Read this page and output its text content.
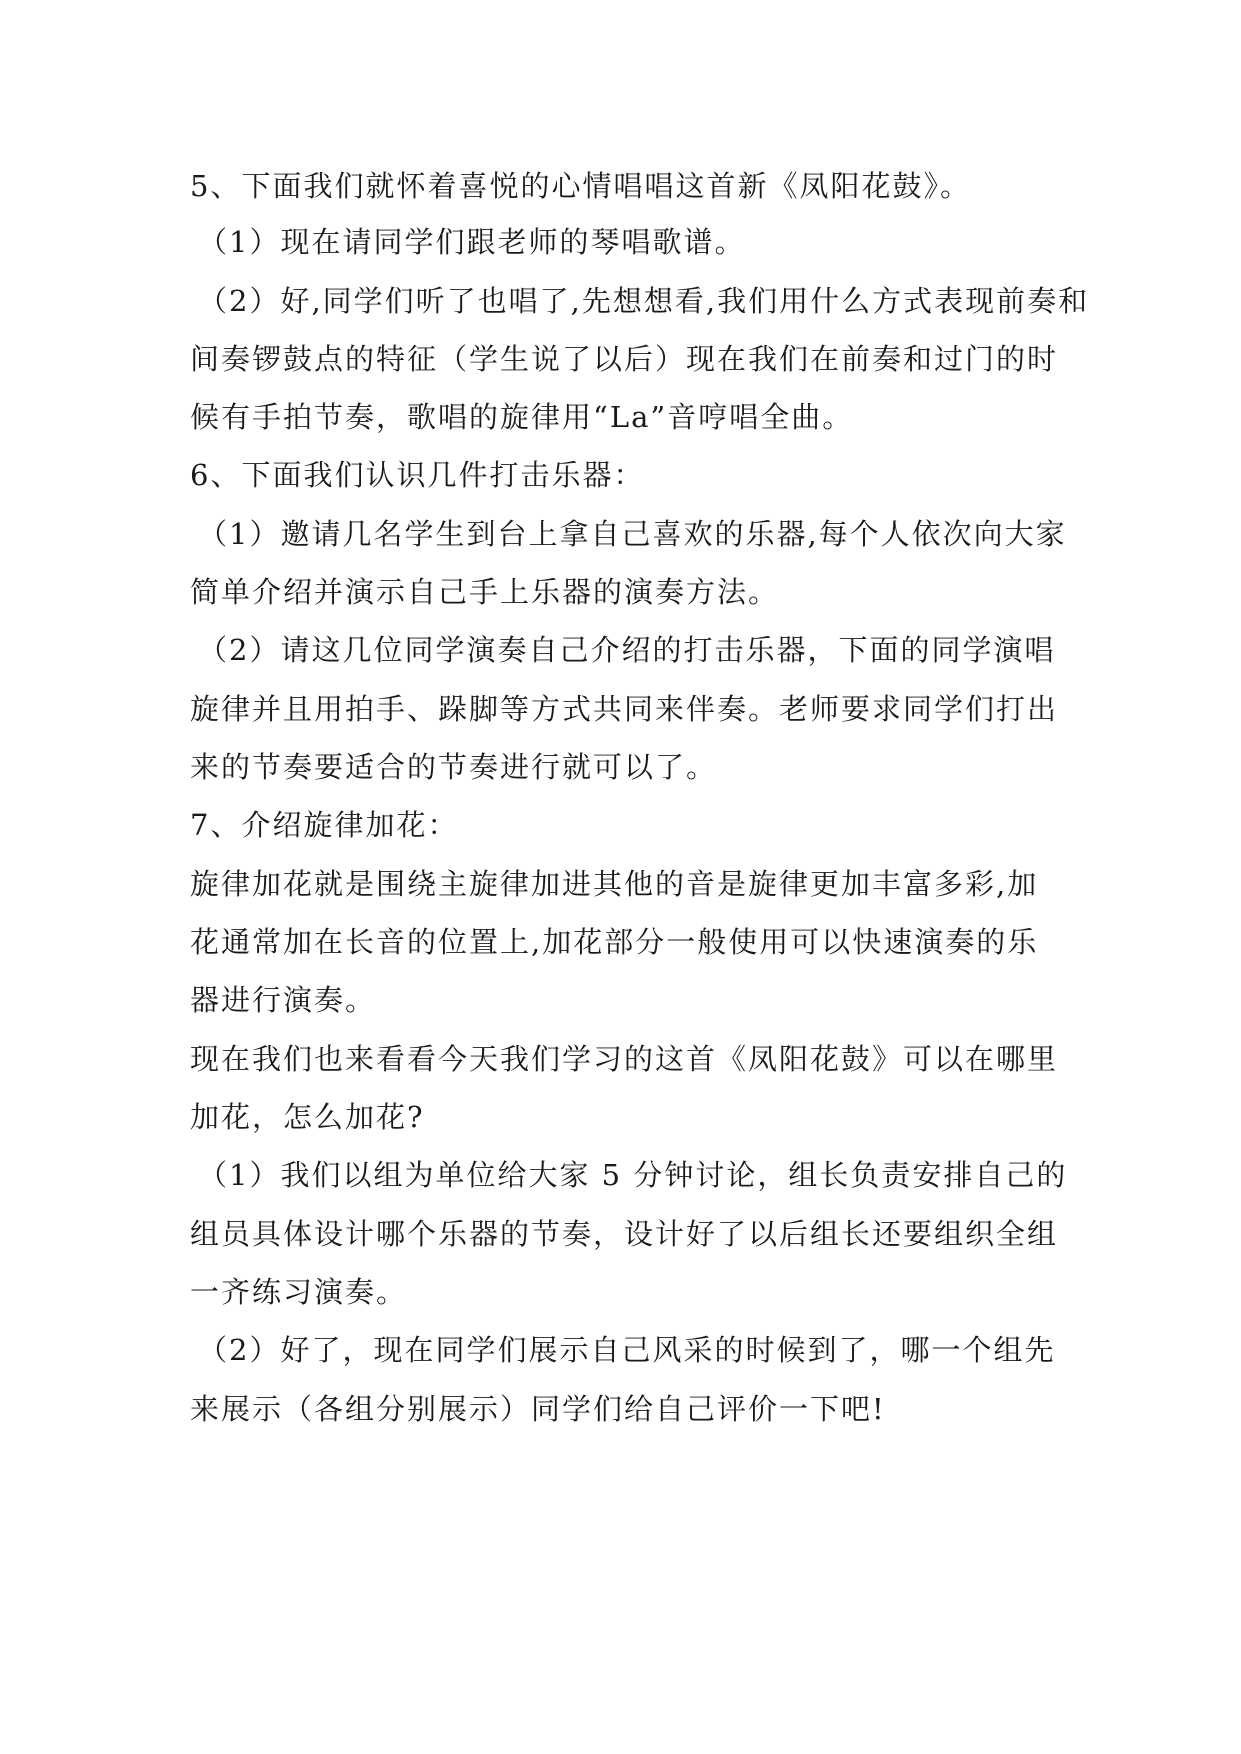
5、下面我们就怀着喜悦的心情唱唱这首新《凤阳花鼓》。
（1）现在请同学们跟老师的琴唱歌谱。
（2）好,同学们听了也唱了,先想想看,我们用什么方式表现前奏和
间奏锣鼓点的特征（学生说了以后）现在我们在前奏和过门的时
候有手拍节奏，歌唱的旋律用“La”音哼唱全曲。
6、下面我们认识几件打击乐器：
（1）邀请几名学生到台上拿自己喜欢的乐器,每个人依次向大家
简单介绍并演示自己手上乐器的演奏方法。
（2）请这几位同学演奏自己介绍的打击乐器，下面的同学演唱
旋律并且用拍手、跺脚等方式共同来伴奏。老师要求同学们打出
来的节奏要适合的节奏进行就可以了。
7、介绍旋律加花：
旋律加花就是围绕主旋律加进其他的音是旋律更加丰富多彩,加
花通常加在长音的位置上,加花部分一般使用可以快速演奏的乐
器进行演奏。
现在我们也来看看今天我们学习的这首《凤阳花鼓》可以在哪里
加花，怎么加花?
（1）我们以组为单位给大家 5 分钟讨论，组长负责安排自己的
组员具体设计哪个乐器的节奏，设计好了以后组长还要组织全组
一齐练习演奏。
（2）好了，现在同学们展示自己风采的时候到了，哪一个组先
来展示（各组分别展示）同学们给自己评价一下吧!
